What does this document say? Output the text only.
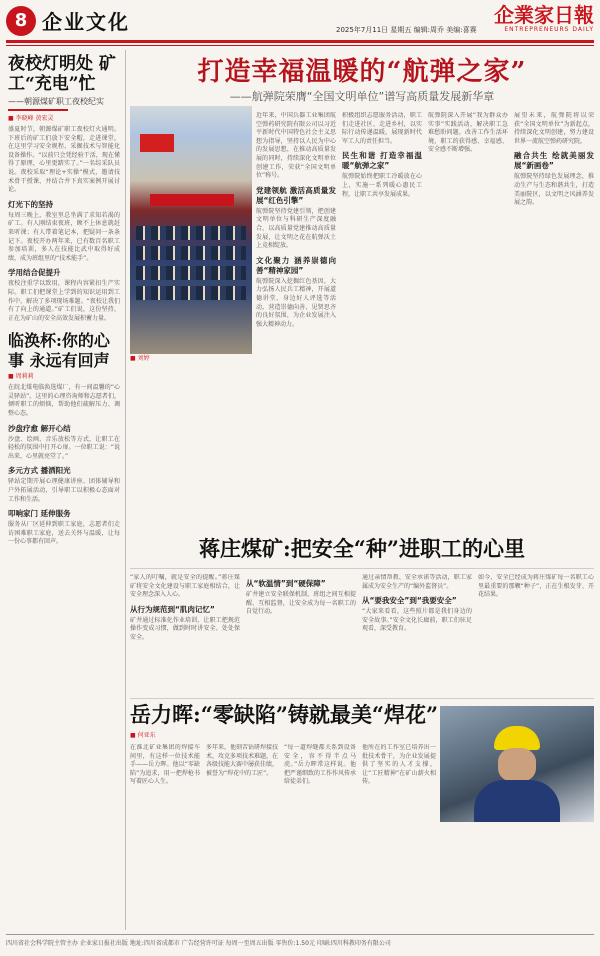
8 企业文化	2025年7月11日 星期五 编辑:周乔 美编:喜赛
企業家日報
ENTREPRENEURS DAILY
夜校灯明处 矿工“充电”忙
——朝源煤矿职工夜校纪实
■ 李晓峰 黄宏灵
盛夏时节，朝源煤矿职工夜校灯火通明。下班后的矿工们放下安全帽，走进课堂，在这里学习安全规程、采掘技术与智能化设备操作。“以前只会凭经验干活，现在懂得了原理，心里更踏实了。”一名综采队员说。夜校采取“理论+实操”模式，邀请技术骨干授课，并结合井下真实案例开展讨论。
灯光下的坚持
每周三晚上，教室里总坐满了求知若渴的矿工。有人刚结束夜班，顾不上休息就赶来听课；有人带着笔记本，把疑问一条条记下。夜校开办两年来，已有数百名职工参加培训，多人在技能比武中取得好成绩，成为班组里的“技术能手”。
学用结合促提升
夜校注重学以致用，课程内容紧扣生产实际。职工们把课堂上学到的知识运用到工作中，解决了多项现场难题。“夜校让我们有了向上的通道。”矿工们说，这份坚持，正在为矿山的安全高效发展积蓄力量。
临涣杯:你的心事 永远有回声
■ 周莉莉
在皖北煤电临涣选煤厂，有一间温馨的“心灵驿站”。这里的心理咨询师和志愿者们，倾听职工的烦恼，帮助他们疏解压力、调整心态。
沙盘疗愈 解开心结
沙盘、绘画、音乐放松等方式，让职工在轻松的氛围中打开心扉。一位职工说：“说出来，心里就亮堂了。”
多元方式 播洒阳光
驿站定期开展心理健康讲座、团体辅导和户外拓展活动，引导职工以积极心态面对工作和生活。
叩响家门 延伸服务
服务从厂区延伸到职工家庭，志愿者们走访困难职工家庭，送去关怀与温暖，让每一份心事都有回声。
打造幸福温暖的“航弹之家”
——航弹院荣膺“全国文明单位”谱写高质量发展新华章
■ 刘婷
近年来，中国兵器工业集团航空弹药研究院有限公司以习近平新时代中国特色社会主义思想为指导，坚持以人民为中心的发展思想，在推动高质量发展的同时，持续深化文明单位创建工作，荣获“全国文明单位”称号。
党建领航 激活高质量发展“红色引擎”
航弹院坚持党建引领，把创建文明单位与科研生产深度融合，以高质量党建推动高质量发展，让文明之花在航弹沃土上竞相绽放。
文化聚力 涵养崇德向善“精神家园”
航弹院深入挖掘红色基因，大力弘扬人民兵工精神，开展道德讲堂、身边好人评选等活动，营造崇德向善、见贤思齐的良好氛围，为企业发展注入强大精神动力。
积极组织志愿服务活动，职工们走进社区、走进乡村，以实际行动传递温暖，展现新时代军工人的责任担当。
民生和谐 打造幸福温暖“航弹之家”
航弹院始终把职工冷暖放在心上，实施一系列暖心惠民工程，让职工共享发展成果。
航弹院深入开展“我为群众办实事”实践活动，解决职工急难愁盼问题，改善工作生活环境，职工的获得感、幸福感、安全感不断增强。
展望未来，航弹院将以荣获“全国文明单位”为新起点，持续深化文明创建，努力建设世界一流航空弹药研究院。
融合共生 绘就美丽发展“新画卷”
航弹院坚持绿色发展理念，推动生产与生态和谐共生，打造美丽院区，以文明之风涵养发展之韵。
蒋庄煤矿:把安全“种”进职工的心里
“家人的叮嘱，就是安全的提醒。”蒋庄煤矿将安全文化建设与职工家庭相结合，让安全理念深入人心。
从行为规范到“肌肉记忆”
矿井通过标准化作业培训，让职工把规范操作变成习惯，做到时时讲安全、处处保安全。
从“软温情”到“硬保障”
矿井建立安全联保机制，班组之间互相提醒、互相监督，让安全成为每一名职工的自觉行动。
通过亲情帮教、安全承诺等活动，职工家属成为安全生产的“编外监督员”。
从“要我安全”到“我要安全”
“大家来看看，这些照片都是我们身边的安全故事。”安全文化长廊前，职工们驻足观看，深受教育。
如今，安全已经成为蒋庄煤矿每一名职工心里最重要的那颗“种子”，正在生根发芽、开花结果。
岳力晖:“零缺陷”铸就最美“焊花”
■ 何亚东
在淮北矿业集团的焊接车间里，有这样一位技术能手——岳力晖。他以“零缺陷”为追求，用一把焊枪书写着匠心人生。
多年来，他刻苦钻研焊接技术，攻克多项技术难题，在各级技能大赛中屡获佳绩，被誉为“焊花中的工匠”。
“每一道焊缝都关系到设备安全，容不得半点马虎。”岳力晖常这样说。他把严谨细致的工作作风传承给徒弟们。
他所在的工作室已培养出一批技术骨干，为企业发展提供了坚实的人才支撑，让“工匠精神”在矿山薪火相传。
四川省社会科学院主管主办 企业家日报社出版 地址:四川省成都市 广告经营许可证 每周一至周五出版 零售价:1.50元 印刷:四川科教印务有限公司
